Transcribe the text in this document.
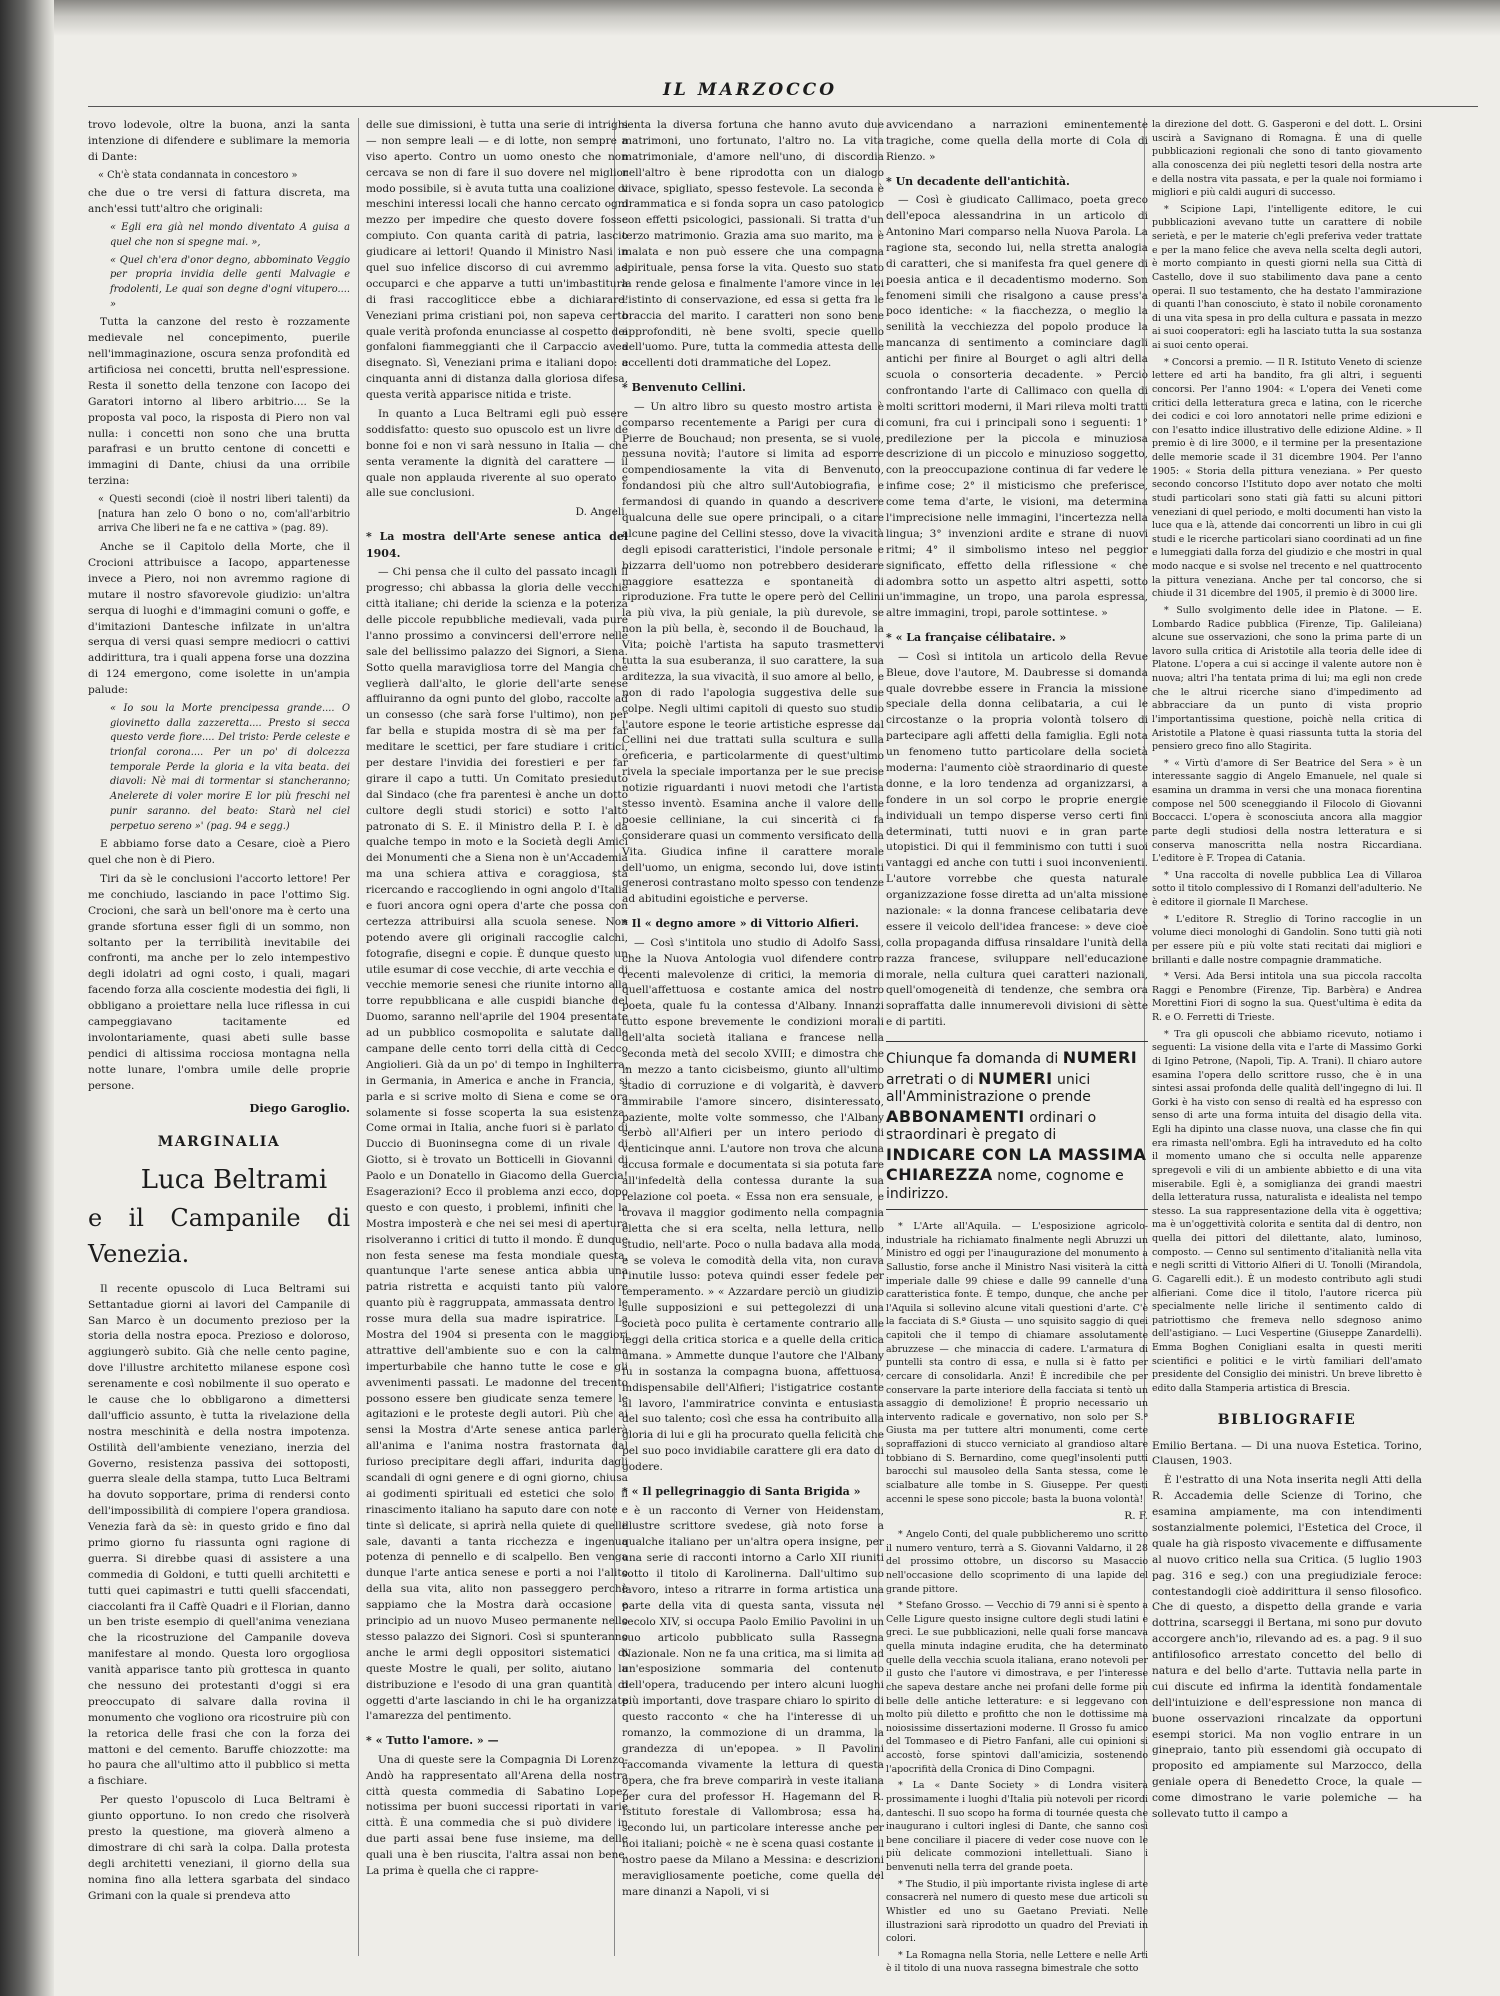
IL MARZOCCO

trovo lodevole, oltre la buona, anzi la santa intenzione di difendere e sublimare la memoria di Dante:

« Ch'è stata condannata in concestoro »

che due o tre versi di fattura discreta, ma anch'essi tutt'altro che originali:

« Egli era già nel mondo diventato A guisa a quel che non si spegne mai. »,

« Quel ch'era d'onor degno, abbominato Veggio per propria invidia delle genti Malvagie e frodolenti, Le quai son degne d'ogni vitupero.... »

Tutta la canzone del resto è rozzamente medievale nel concepimento, puerile nell'immaginazione, oscura senza profondità ed artificiosa nei concetti, brutta nell'espressione. Resta il sonetto della tenzone con Iacopo dei Garatori intorno al libero arbitrio.... Se la proposta val poco, la risposta di Piero non val nulla: i concetti non sono che una brutta parafrasi e un brutto centone di concetti e immagini di Dante, chiusi da una orribile terzina:

« Questi secondi (cioè il nostri liberi talenti) da [natura han zelo O bono o no, com'all'arbitrio arriva Che liberi ne fa e ne cattiva » (pag. 89).

Anche se il Capitolo della Morte, che il Crocioni attribuisce a Iacopo, appartenesse invece a Piero, noi non avremmo ragione di mutare il nostro sfavorevole giudizio: un'altra serqua di luoghi e d'immagini comuni o goffe, e d'imitazioni Dantesche infilzate in un'altra serqua di versi quasi sempre mediocri o cattivi addirittura, tra i quali appena forse una dozzina di 124 emergono, come isolette in un'ampia palude:

« Io sou la Morte prencipessa grande.... O giovinetto dalla zazzeretta.... Presto si secca questo verde fiore.... Del tristo: Perde celeste e trionfal corona.... Per un po' di dolcezza temporale Perde la gloria e la vita beata. dei diavoli: Nè mai di tormentar si stancheranno; Anelerete di voler morire E lor più freschi nel punir saranno. del beato: Starà nel ciel perpetuo sereno »' (pag. 94 e segg.)

E abbiamo forse dato a Cesare, cioè a Piero quel che non è di Piero.

Tiri da sè le conclusioni l'accorto lettore! Per me conchiudo, lasciando in pace l'ottimo Sig. Crocioni, che sarà un bell'onore ma è certo una grande sfortuna esser figli di un sommo, non soltanto per la terribilità inevitabile dei confronti, ma anche per lo zelo intempestivo degli idolatri ad ogni costo, i quali, magari facendo forza alla cosciente modestia dei figli, li obbligano a proiettare nella luce riflessa in cui campeggiavano tacitamente ed involontariamente, quasi abeti sulle basse pendici di altissima rocciosa montagna nella notte lunare, l'ombra umile delle proprie persone.

Diego Garoglio.

MARGINALIA
Luca Beltrami
e il Campanile di Venezia.

Il recente opuscolo di Luca Beltrami sui Settantadue giorni ai lavori del Campanile di San Marco è un documento prezioso per la storia della nostra epoca. Prezioso e doloroso, aggiungerò subito. Già che nelle cento pagine, dove l'illustre architetto milanese espone così serenamente e così nobilmente il suo operato e le cause che lo obbligarono a dimettersi dall'ufficio assunto, è tutta la rivelazione della nostra meschinità e della nostra impotenza. Ostilità dell'ambiente veneziano, inerzia del Governo, resistenza passiva dei sottoposti, guerra sleale della stampa, tutto Luca Beltrami ha dovuto sopportare, prima di rendersi conto dell'impossibilità di compiere l'opera grandiosa. Venezia farà da sè: in questo grido e fino dal primo giorno fu riassunta ogni ragione di guerra. Si direbbe quasi di assistere a una commedia di Goldoni, e tutti quelli architetti e tutti quei capimastri e tutti quelli sfaccendati, ciaccolanti fra il Caffè Quadri e il Florian, danno un ben triste esempio di quell'anima veneziana che la ricostruzione del Campanile doveva manifestare al mondo. Questa loro orgogliosa vanità apparisce tanto più grottesca in quanto che nessuno dei protestanti d'oggi si era preoccupato di salvare dalla rovina il monumento che vogliono ora ricostruire più con la retorica delle frasi che con la forza dei mattoni e del cemento. Baruffe chiozzotte: ma ho paura che all'ultimo atto il pubblico si metta a fischiare.

Per questo l'opuscolo di Luca Beltrami è giunto opportuno. Io non credo che risolverà presto la questione, ma gioverà almeno a dimostrare di chi sarà la colpa. Dalla protesta degli architetti veneziani, il giorno della sua nomina fino alla lettera sgarbata del sindaco Grimani con la quale si prendeva atto

delle sue dimissioni, è tutta una serie di intrighi — non sempre leali — e di lotte, non sempre a viso aperto. Contro un uomo onesto che non cercava se non di fare il suo dovere nel miglior modo possibile, si è avuta tutta una coalizione di meschini interessi locali che hanno cercato ogni mezzo per impedire che questo dovere fosse compiuto. Con quanta carità di patria, lascio giudicare ai lettori! Quando il Ministro Nasi in quel suo infelice discorso di cui avremmo ad occuparci e che apparve a tutti un'imbastitura di frasi raccogliticce ebbe a dichiarare: Veneziani prima cristiani poi, non sapeva certo quale verità profonda enunciasse al cospetto dei gonfaloni fiammeggianti che il Carpaccio avea disegnato. Sì, Veneziani prima e italiani dopo: a cinquanta anni di distanza dalla gloriosa difesa, questa verità apparisce nitida e triste.

In quanto a Luca Beltrami egli può essere soddisfatto: questo suo opuscolo est un livre de bonne foi e non vi sarà nessuno in Italia — che senta veramente la dignità del carattere — il quale non applauda riverente al suo operato e alle sue conclusioni.

D. Angeli.

* La mostra dell'Arte senese antica del 1904.

— Chi pensa che il culto del passato incagli il progresso; chi abbassa la gloria delle vecchie città italiane; chi deride la scienza e la potenza delle piccole repubbliche medievali, vada pure l'anno prossimo a convincersi dell'errore nelle sale del bellissimo palazzo dei Signori, a Siena. Sotto quella maravigliosa torre del Mangia che veglierà dall'alto, le glorie dell'arte senese affluiranno da ogni punto del globo, raccolte ad un consesso (che sarà forse l'ultimo), non per far bella e stupida mostra di sè ma per far meditare le scettici, per fare studiare i critici, per destare l'invidia dei forestieri e per far girare il capo a tutti. Un Comitato presieduto dal Sindaco (che fra parentesi è anche un dotto cultore degli studi storici) e sotto l'alto patronato di S. E. il Ministro della P. I. è da qualche tempo in moto e la Società degli Amici dei Monumenti che a Siena non è un'Accademia ma una schiera attiva e coraggiosa, sta ricercando e raccogliendo in ogni angolo d'Italia e fuori ancora ogni opera d'arte che possa con certezza attribuirsi alla scuola senese. Non potendo avere gli originali raccoglie calchi, fotografie, disegni e copie. È dunque questo un utile esumar di cose vecchie, di arte vecchia e di vecchie memorie senesi che riunite intorno alla torre repubblicana e alle cuspidi bianche del Duomo, saranno nell'aprile del 1904 presentate ad un pubblico cosmopolita e salutate dalle campane delle cento torri della città di Cecco Angiolieri. Già da un po' di tempo in Inghilterra, in Germania, in America e anche in Francia, si parla e si scrive molto di Siena e come se ora solamente si fosse scoperta la sua esistenza. Come ormai in Italia, anche fuori si è parlato di Duccio di Buoninsegna come di un rivale di Giotto, si è trovato un Botticelli in Giovanni di Paolo e un Donatello in Giacomo della Guercia! Esagerazioni? Ecco il problema anzi ecco, dopo questo e con questo, i problemi, infiniti che la Mostra imposterà e che nei sei mesi di apertura risolveranno i critici di tutto il mondo. È dunque non festa senese ma festa mondiale questa, quantunque l'arte senese antica abbia una patria ristretta e acquisti tanto più valore quanto più è raggruppata, ammassata dentro le rosse mura della sua madre ispiratrice. La Mostra del 1904 si presenta con le maggiori attrattive dell'ambiente suo e con la calma imperturbabile che hanno tutte le cose e gli avvenimenti passati. Le madonne del trecento possono essere ben giudicate senza temere le agitazioni e le proteste degli autori. Più che ai sensi la Mostra d'Arte senese antica parlerà all'anima e l'anima nostra frastornata dal furioso precipitare degli affari, indurita dagli scandali di ogni genere e di ogni giorno, chiusa ai godimenti spirituali ed estetici che solo il rinascimento italiano ha saputo dare con note e tinte sì delicate, si aprirà nella quiete di quelle sale, davanti a tanta ricchezza e ingenua potenza di pennello e di scalpello. Ben venga dunque l'arte antica senese e porti a noi l'alito della sua vita, alito non passeggero perchè sappiamo che la Mostra darà occasione e principio ad un nuovo Museo permanente nello stesso palazzo dei Signori. Così si spunteranno anche le armi degli oppositori sistematici di queste Mostre le quali, per solito, aiutano la distribuzione e l'esodo di una gran quantità di oggetti d'arte lasciando in chi le ha organizzate l'amarezza del pentimento.

* « Tutto l'amore. » —

Una di queste sere la Compagnia Di Lorenzo-Andò ha rappresentato all'Arena della nostra città questa commedia di Sabatino Lopez notissima per buoni successi riportati in varie città. È una commedia che si può dividere in due parti assai bene fuse insieme, ma delle quali una è ben riuscita, l'altra assai non bene. La prima è quella che ci rappre-

senta la diversa fortuna che hanno avuto due matrimoni, uno fortunato, l'altro no. La vita matrimoniale, d'amore nell'uno, di discordia nell'altro è bene riprodotta con un dialogo vivace, spigliato, spesso festevole. La seconda è drammatica e si fonda sopra un caso patologico con effetti psicologici, passionali. Si tratta d'un terzo matrimonio. Grazia ama suo marito, ma è malata e non può essere che una compagna spirituale, pensa forse la vita. Questo suo stato la rende gelosa e finalmente l'amore vince in lei l'istinto di conservazione, ed essa si getta fra le braccia del marito. I caratteri non sono bene approfonditi, nè bene svolti, specie quello dell'uomo. Pure, tutta la commedia attesta delle eccellenti doti drammatiche del Lopez.

* Benvenuto Cellini.

— Un altro libro su questo mostro artista è comparso recentemente a Parigi per cura di Pierre de Bouchaud; non presenta, se si vuole, nessuna novità; l'autore si limita ad esporre compendiosamente la vita di Benvenuto, fondandosi più che altro sull'Autobiografia, e fermandosi di quando in quando a descrivere qualcuna delle sue opere principali, o a citare alcune pagine del Cellini stesso, dove la vivacità degli episodi caratteristici, l'indole personale e bizzarra dell'uomo non potrebbero desiderare maggiore esattezza e spontaneità di riproduzione. Fra tutte le opere però del Cellini la più viva, la più geniale, la più durevole, se non la più bella, è, secondo il de Bouchaud, la Vita; poichè l'artista ha saputo trasmettervi tutta la sua esuberanza, il suo carattere, la sua arditezza, la sua vivacità, il suo amore al bello, e non di rado l'apologia suggestiva delle sue colpe. Negli ultimi capitoli di questo suo studio l'autore espone le teorie artistiche espresse dal Cellini nei due trattati sulla scultura e sulla oreficeria, e particolarmente di quest'ultimo rivela la speciale importanza per le sue precise notizie riguardanti i nuovi metodi che l'artista stesso inventò. Esamina anche il valore delle poesie celliniane, la cui sincerità ci fa considerare quasi un commento versificato della Vita. Giudica infine il carattere morale dell'uomo, un enigma, secondo lui, dove istinti generosi contrastano molto spesso con tendenze ad abitudini egoistiche e perverse.

* Il « degno amore » di Vittorio Alfieri.

— Così s'intitola uno studio di Adolfo Sassi, che la Nuova Antologia vuol difendere contro recenti malevolenze di critici, la memoria di quell'affettuosa e costante amica del nostro poeta, quale fu la contessa d'Albany. Innanzi tutto espone brevemente le condizioni morali dell'alta società italiana e francese nella seconda metà del secolo XVIII; e dimostra che in mezzo a tanto cicisbeismo, giunto all'ultimo stadio di corruzione e di volgarità, è davvero ammirabile l'amore sincero, disinteressato, paziente, molte volte sommesso, che l'Albany serbò all'Alfieri per un intero periodo di venticinque anni. L'autore non trova che alcuna accusa formale e documentata si sia potuta fare all'infedeltà della contessa durante la sua relazione col poeta. « Essa non era sensuale, e trovava il maggior godimento nella compagnia eletta che si era scelta, nella lettura, nello studio, nell'arte. Poco o nulla badava alla moda, e se voleva le comodità della vita, non curava l'inutile lusso: poteva quindi esser fedele per temperamento. » « Azzardare perciò un giudizio sulle supposizioni e sui pettegolezzi di una società poco pulita è certamente contrario alle leggi della critica storica e a quelle della critica umana. » Ammette dunque l'autore che l'Albany fu in sostanza la compagna buona, affettuosa, indispensabile dell'Alfieri; l'istigatrice costante al lavoro, l'ammiratrice convinta e entusiasta del suo talento; così che essa ha contribuito alla gloria di lui e gli ha procurato quella felicità che pel suo poco invidiabile carattere gli era dato di godere.

* « Il pellegrinaggio di Santa Brigida »

è un racconto di Verner von Heidenstam, illustre scrittore svedese, già noto forse a qualche italiano per un'altra opera insigne, per una serie di racconti intorno a Carlo XII riuniti sotto il titolo di Karolinerna. Dall'ultimo suo lavoro, inteso a ritrarre in forma artistica una parte della vita di questa santa, vissuta nel secolo XIV, si occupa Paolo Emilio Pavolini in un suo articolo pubblicato sulla Rassegna Nazionale. Non ne fa una critica, ma si limita ad un'esposizione sommaria del contenuto dell'opera, traducendo per intero alcuni luoghi più importanti, dove traspare chiaro lo spirito di questo racconto « che ha l'interesse di un romanzo, la commozione di un dramma, la grandezza di un'epopea. » Il Pavolini raccomanda vivamente la lettura di questa opera, che fra breve comparirà in veste italiana per cura del professor H. Hagemann del R. Istituto forestale di Vallombrosa; essa ha, secondo lui, un particolare interesse anche per noi italiani; poichè « ne è scena quasi costante il nostro paese da Milano a Messina: e descrizioni meravigliosamente poetiche, come quella del mare dinanzi a Napoli, vi si

avvicendano a narrazioni eminentemente tragiche, come quella della morte di Cola di Rienzo. »

* Un decadente dell'antichità.

— Così è giudicato Callimaco, poeta greco dell'epoca alessandrina in un articolo di Antonino Mari comparso nella Nuova Parola. La ragione sta, secondo lui, nella stretta analogia di caratteri, che si manifesta fra quel genere di poesia antica e il decadentismo moderno. Son fenomeni simili che risalgono a cause press'a poco identiche: « la fiacchezza, o meglio la senilità la vecchiezza del popolo produce la mancanza di sentimento a cominciare dagli antichi per finire al Bourget o agli altri della scuola o consorteria decadente. » Perciò confrontando l'arte di Callimaco con quella di molti scrittori moderni, il Mari rileva molti tratti comuni, fra cui i principali sono i seguenti: 1° predilezione per la piccola e minuziosa descrizione di un piccolo e minuzioso soggetto, con la preoccupazione continua di far vedere le infime cose; 2° il misticismo che preferisce, come tema d'arte, le visioni, ma determina l'imprecisione nelle immagini, l'incertezza nella lingua; 3° invenzioni ardite e strane di nuovi ritmi; 4° il simbolismo inteso nel peggior significato, effetto della riflessione « che adombra sotto un aspetto altri aspetti, sotto un'immagine, un tropo, una parola espressa, altre immagini, tropi, parole sottintese. »

* « La française célibataire. »

— Così si intitola un articolo della Revue Bleue, dove l'autore, M. Daubresse si domanda quale dovrebbe essere in Francia la missione speciale della donna celibataria, a cui le circostanze o la propria volontà tolsero di partecipare agli affetti della famiglia. Egli nota un fenomeno tutto particolare della società moderna: l'aumento ciòè straordinario di queste donne, e la loro tendenza ad organizzarsi, a fondere in un sol corpo le proprie energie individuali un tempo disperse verso certi fini determinati, tutti nuovi e in gran parte utopistici. Di qui il femminismo con tutti i suoi vantaggi ed anche con tutti i suoi inconvenienti. L'autore vorrebbe che questa naturale organizzazione fosse diretta ad un'alta missione nazionale: « la donna francese celibataria deve essere il veicolo dell'idea francese: » deve cioè colla propaganda diffusa rinsaldare l'unità della razza francese, sviluppare nell'educazione morale, nella cultura quei caratteri nazionali, quell'omogeneità di tendenze, che sembra ora sopraffatta dalle innumerevoli divisioni di sètte e di partiti.

Chiunque fa domanda di NUMERI arretrati o di NUMERI unici all'Amministrazione o prende ABBONAMENTI ordinari o straordinari è pregato di INDICARE CON LA MASSIMA CHIAREZZA nome, cognome e indirizzo.

* L'Arte all'Aquila. — L'esposizione agricolo-industriale ha richiamato finalmente negli Abruzzi un Ministro ed oggi per l'inaugurazione del monumento a Sallustio, forse anche il Ministro Nasi visiterà la città imperiale dalle 99 chiese e dalle 99 cannelle d'una caratteristica fonte. È tempo, dunque, che anche per l'Aquila si sollevino alcune vitali questioni d'arte. C'è la facciata di S.ª Giusta — uno squisito saggio di quei capitoli che il tempo di chiamare assolutamente abruzzese — che minaccia di cadere. L'armatura di puntelli sta contro di essa, e nulla si è fatto per cercare di consolidarla. Anzi! È incredibile che per conservare la parte interiore della facciata si tentò un assaggio di demolizione! È proprio necessario un intervento radicale e governativo, non solo per S.ª Giusta ma per tuttere altri monumenti, come certe sopraffazioni di stucco verniciato al grandioso altare tobbiano di S. Bernardino, come quegl'insolenti putti barocchi sul mausoleo della Santa stessa, come le scialbature alle tombe in S. Giuseppe. Per questi accenni le spese sono piccole; basta la buona volontà!

R. F.

* Angelo Conti, del quale pubblicheremo uno scritto il numero venturo, terrà a S. Giovanni Valdarno, il 28 del prossimo ottobre, un discorso su Masaccio nell'occasione dello scoprimento di una lapide del grande pittore.

* Stefano Grosso. — Vecchio di 79 anni si è spento a Celle Ligure questo insigne cultore degli studi latini e greci. Le sue pubblicazioni, nelle quali forse mancava quella minuta indagine erudita, che ha determinato quelle della vecchia scuola italiana, erano notevoli per il gusto che l'autore vi dimostrava, e per l'interesse che sapeva destare anche nei profani delle forme più belle delle antiche letterature: e si leggevano con molto più diletto e profitto che non le dottissime ma noiosissime dissertazioni moderne. Il Grosso fu amico del Tommaseo e di Pietro Fanfani, alle cui opinioni si accostò, forse spintovi dall'amicizia, sostenendo l'apocrifità della Cronica di Dino Compagni.

* La « Dante Society » di Londra visiterà prossimamente i luoghi d'Italia più notevoli per ricordi danteschi. Il suo scopo ha forma di tournée questa che inaugurano i cultori inglesi di Dante, che sanno così bene conciliare il piacere di veder cose nuove con le più delicate commozioni intellettuali. Siano i benvenuti nella terra del grande poeta.

* The Studio, il più importante rivista inglese di arte consacrerà nel numero di questo mese due articoli su Whistler ed uno su Gaetano Previati. Nelle illustrazioni sarà riprodotto un quadro del Previati in colori.

* La Romagna nella Storia, nelle Lettere e nelle Arti è il titolo di una nuova rassegna bimestrale che sotto

la direzione del dott. G. Gasperoni e del dott. L. Orsini uscirà a Savignano di Romagna. È una di quelle pubblicazioni regionali che sono di tanto giovamento alla conoscenza dei più negletti tesori della nostra arte e della nostra vita passata, e per la quale noi formiamo i migliori e più caldi auguri di successo.

* Scipione Lapi, l'intelligente editore, le cui pubblicazioni avevano tutte un carattere di nobile serietà, e per le materie ch'egli preferiva veder trattate e per la mano felice che aveva nella scelta degli autori, è morto compianto in questi giorni nella sua Città di Castello, dove il suo stabilimento dava pane a cento operai. Il suo testamento, che ha destato l'ammirazione di quanti l'han conosciuto, è stato il nobile coronamento di una vita spesa in pro della cultura e passata in mezzo ai suoi cooperatori: egli ha lasciato tutta la sua sostanza ai suoi cento operai.

* Concorsi a premio. — Il R. Istituto Veneto di scienze lettere ed arti ha bandito, fra gli altri, i seguenti concorsi. Per l'anno 1904: « L'opera dei Veneti come critici della letteratura greca e latina, con le ricerche dei codici e coi loro annotatori nelle prime edizioni e con l'esatto indice illustrativo delle edizione Aldine. » Il premio è di lire 3000, e il termine per la presentazione delle memorie scade il 31 dicembre 1904. Per l'anno 1905: « Storia della pittura veneziana. » Per questo secondo concorso l'Istituto dopo aver notato che molti studi particolari sono stati già fatti su alcuni pittori veneziani di quel periodo, e molti documenti han visto la luce qua e là, attende dai concorrenti un libro in cui gli studi e le ricerche particolari siano coordinati ad un fine e lumeggiati dalla forza del giudizio e che mostri in qual modo nacque e si svolse nel trecento e nel quattrocento la pittura veneziana. Anche per tal concorso, che si chiude il 31 dicembre del 1905, il premio è di 3000 lire.

* Sullo svolgimento delle idee in Platone. — E. Lombardo Radice pubblica (Firenze, Tip. Galileiana) alcune sue osservazioni, che sono la prima parte di un lavoro sulla critica di Aristotile alla teoria delle idee di Platone. L'opera a cui si accinge il valente autore non è nuova; altri l'ha tentata prima di lui; ma egli non crede che le altrui ricerche siano d'impedimento ad abbracciare da un punto di vista proprio l'importantissima questione, poichè nella critica di Aristotile a Platone è quasi riassunta tutta la storia del pensiero greco fino allo Stagirita.

* « Virtù d'amore di Ser Beatrice del Sera » è un interessante saggio di Angelo Emanuele, nel quale si esamina un dramma in versi che una monaca fiorentina compose nel 500 sceneggiando il Filocolo di Giovanni Boccacci. L'opera è sconosciuta ancora alla maggior parte degli studiosi della nostra letteratura e si conserva manoscritta nella nostra Riccardiana. L'editore è F. Tropea di Catania.

* Una raccolta di novelle pubblica Lea di Villaroa sotto il titolo complessivo di I Romanzi dell'adulterio. Ne è editore il giornale Il Marchese.

* L'editore R. Streglio di Torino raccoglie in un volume dieci monologhi di Gandolin. Sono tutti già noti per essere più e più volte stati recitati dai migliori e brillanti e dalle nostre compagnie drammatiche.

* Versi. Ada Bersi intitola una sua piccola raccolta Raggi e Penombre (Firenze, Tip. Barbèra) e Andrea Morettini Fiori di sogno la sua. Quest'ultima è edita da R. e O. Ferretti di Trieste.

* Tra gli opuscoli che abbiamo ricevuto, notiamo i seguenti: La visione della vita e l'arte di Massimo Gorki di Igino Petrone, (Napoli, Tip. A. Trani). Il chiaro autore esamina l'opera dello scrittore russo, che è in una sintesi assai profonda delle qualità dell'ingegno di lui. Il Gorki è ha visto con senso di realtà ed ha espresso con senso di arte una forma intuita del disagio della vita. Egli ha dipinto una classe nuova, una classe che fin qui era rimasta nell'ombra. Egli ha intraveduto ed ha colto il momento umano che si occulta nelle apparenze spregevoli e vili di un ambiente abbietto e di una vita miserabile. Egli è, a somiglianza dei grandi maestri della letteratura russa, naturalista e idealista nel tempo stesso. La sua rappresentazione della vita è oggettiva; ma è un'oggettività colorita e sentita dal di dentro, non quella dei pittori del dilettante, alato, luminoso, composto. — Cenno sul sentimento d'italianità nella vita e negli scritti di Vittorio Alfieri di U. Tonolli (Mirandola, G. Cagarelli edit.). È un modesto contributo agli studi alfieriani. Come dice il titolo, l'autore ricerca più specialmente nelle liriche il sentimento caldo di patriottismo che fremeva nello sdegnoso animo dell'astigiano. — Luci Vespertine (Giuseppe Zanardelli). Emma Boghen Conigliani esalta in questi meriti scientifici e politici e le virtù familiari dell'amato presidente del Consiglio dei ministri. Un breve libretto è edito dalla Stamperia artistica di Brescia.

BIBLIOGRAFIE

Emilio Bertana. — Di una nuova Estetica. Torino, Clausen, 1903.

È l'estratto di una Nota inserita negli Atti della R. Accademia delle Scienze di Torino, che esamina ampiamente, ma con intendimenti sostanzialmente polemici, l'Estetica del Croce, il quale ha già risposto vivacemente e diffusamente al nuovo critico nella sua Critica. (5 luglio 1903 pag. 316 e seg.) con una pregiudiziale feroce: contestandogli cioè addirittura il senso filosofico. Che di questo, a dispetto della grande e varia dottrina, scarseggi il Bertana, mi sono pur dovuto accorgere anch'io, rilevando ad es. a pag. 9 il suo antifilosofico arrestato concetto del bello di natura e del bello d'arte. Tuttavia nella parte in cui discute ed infirma la identità fondamentale dell'intuizione e dell'espressione non manca di buone osservazioni rincalzate da opportuni esempi storici. Ma non voglio entrare in un ginepraio, tanto più essendomi già occupato di proposito ed ampiamente sul Marzocco, della geniale opera di Benedetto Croce, la quale — come dimostrano le varie polemiche — ha sollevato tutto il campo a
